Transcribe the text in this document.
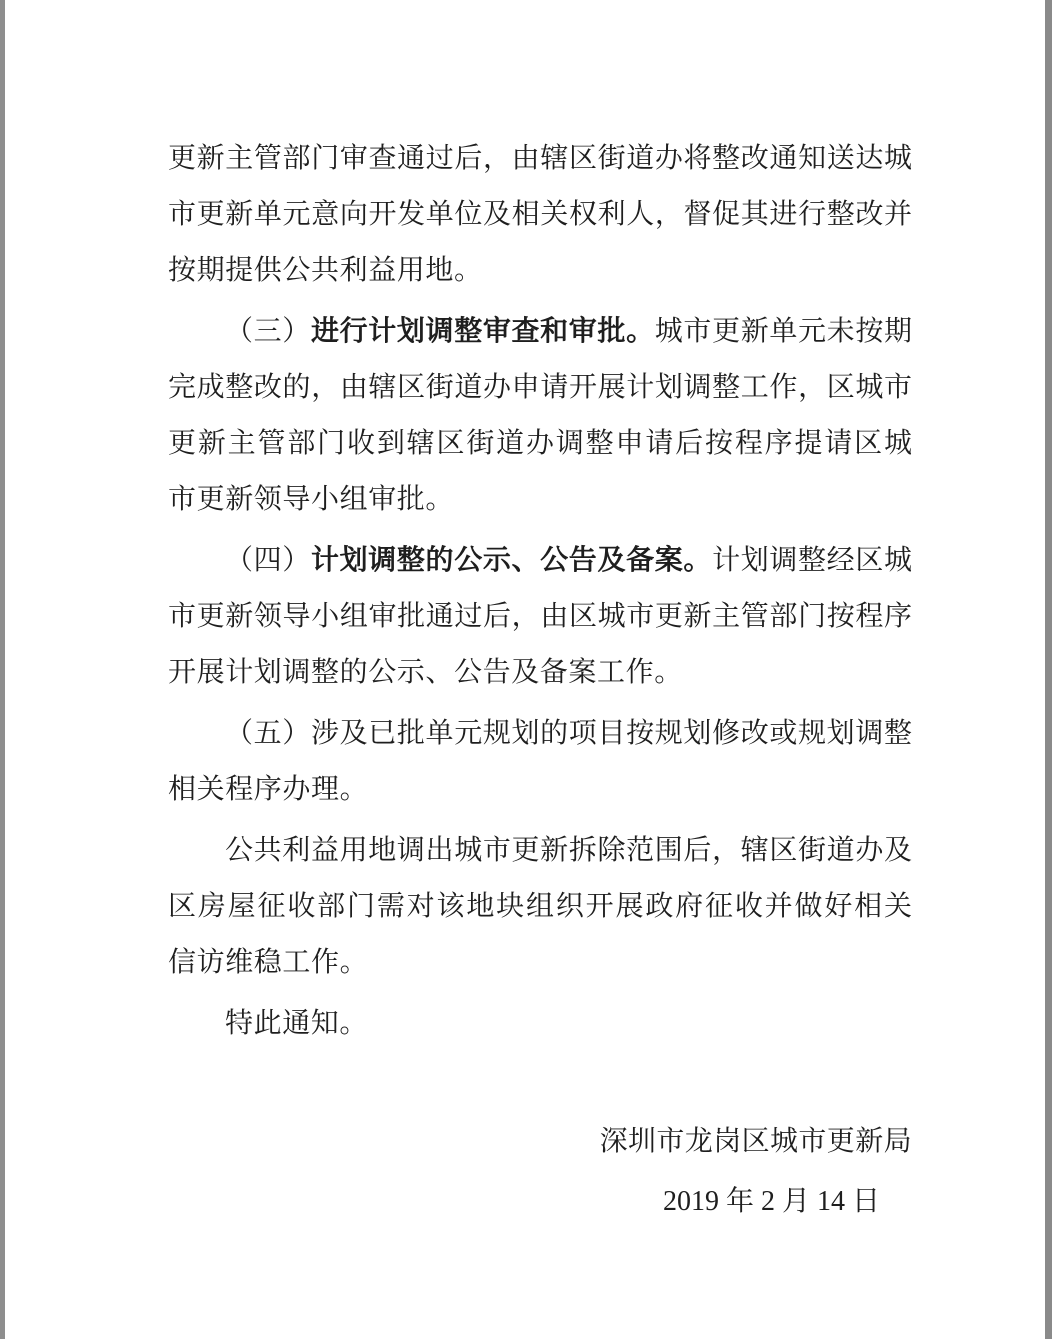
更新主管部门审查通过后，由辖区街道办将整改通知送达城
市更新单元意向开发单位及相关权利人，督促其进行整改并
按期提供公共利益用地。
（三）进行计划调整审查和审批。城市更新单元未按期
完成整改的，由辖区街道办申请开展计划调整工作，区城市
更新主管部门收到辖区街道办调整申请后按程序提请区城
市更新领导小组审批。
（四）计划调整的公示、公告及备案。计划调整经区城
市更新领导小组审批通过后，由区城市更新主管部门按程序
开展计划调整的公示、公告及备案工作。
（五）涉及已批单元规划的项目按规划修改或规划调整
相关程序办理。
公共利益用地调出城市更新拆除范围后，辖区街道办及
区房屋征收部门需对该地块组织开展政府征收并做好相关
信访维稳工作。
特此通知。
深圳市龙岗区城市更新局
2019 年 2 月 14 日
